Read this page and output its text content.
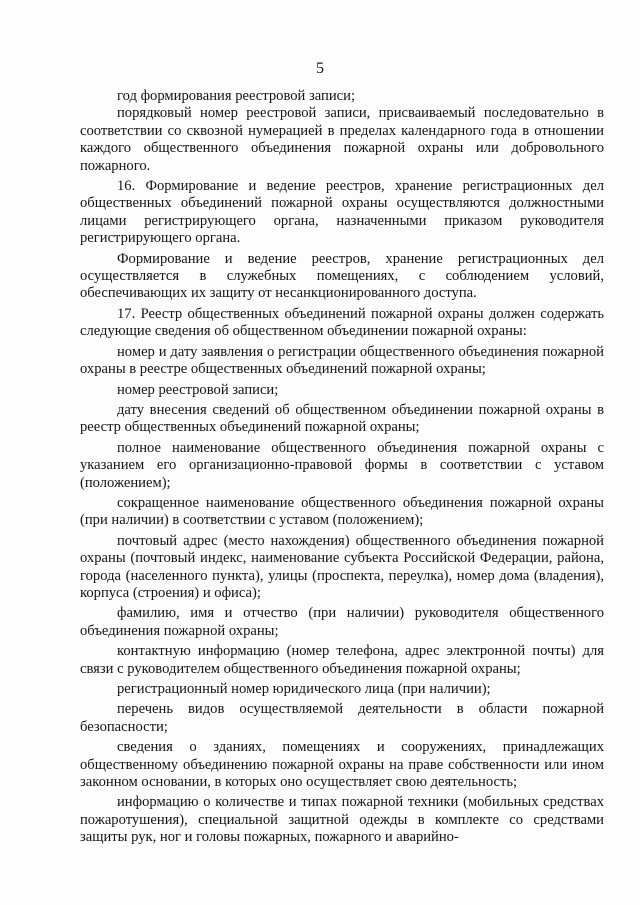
5

год формирования реестровой записи;

порядковый номер реестровой записи, присваиваемый последовательно в соответствии со сквозной нумерацией в пределах календарного года в отношении каждого общественного объединения пожарной охраны или добровольного пожарного.

16. Формирование и ведение реестров, хранение регистрационных дел общественных объединений пожарной охраны осуществляются должностными лицами регистрирующего органа, назначенными приказом руководителя регистрирующего органа.

Формирование и ведение реестров, хранение регистрационных дел осуществляется в служебных помещениях, с соблюдением условий, обеспечивающих их защиту от несанкционированного доступа.

17. Реестр общественных объединений пожарной охраны должен содержать следующие сведения об общественном объединении пожарной охраны:

номер и дату заявления о регистрации общественного объединения пожарной охраны в реестре общественных объединений пожарной охраны;

номер реестровой записи;

дату внесения сведений об общественном объединении пожарной охраны в реестр общественных объединений пожарной охраны;

полное наименование общественного объединения пожарной охраны с указанием его организационно-правовой формы в соответствии с уставом (положением);

сокращенное наименование общественного объединения пожарной охраны (при наличии) в соответствии с уставом (положением);

почтовый адрес (место нахождения) общественного объединения пожарной охраны (почтовый индекс, наименование субъекта Российской Федерации, района, города (населенного пункта), улицы (проспекта, переулка), номер дома (владения), корпуса (строения) и офиса);

фамилию, имя и отчество (при наличии) руководителя общественного объединения пожарной охраны;

контактную информацию (номер телефона, адрес электронной почты) для связи с руководителем общественного объединения пожарной охраны;

регистрационный номер юридического лица (при наличии);

перечень видов осуществляемой деятельности в области пожарной безопасности;

сведения о зданиях, помещениях и сооружениях, принадлежащих общественному объединению пожарной охраны на праве собственности или ином законном основании, в которых оно осуществляет свою деятельность;

информацию о количестве и типах пожарной техники (мобильных средствах пожаротушения), специальной защитной одежды в комплекте со средствами защиты рук, ног и головы пожарных, пожарного и аварийно-
